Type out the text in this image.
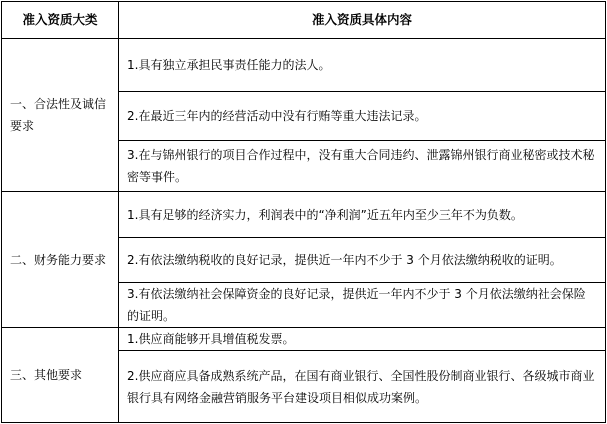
准入资质大类	准入资质具体内容
一、合法性及诚信要求	1.具有独立承担民事责任能力的法人。
	2.在最近三年内的经营活动中没有行贿等重大违法记录。
	3.在与锦州银行的项目合作过程中，没有重大合同违约、泄露锦州银行商业秘密或技术秘密等事件。
二、财务能力要求	1.具有足够的经济实力，利润表中的“净利润”近五年内至少三年不为负数。
	2.有依法缴纳税收的良好记录，提供近一年内不少于 3 个月依法缴纳税收的证明。
	3.有依法缴纳社会保障资金的良好记录，提供近一年内不少于 3 个月依法缴纳社会保险的证明。
三、其他要求	1.供应商能够开具增值税发票。
	2.供应商应具备成熟系统产品，在国有商业银行、全国性股份制商业银行、各级城市商业银行具有网络金融营销服务平台建设项目相似成功案例。
